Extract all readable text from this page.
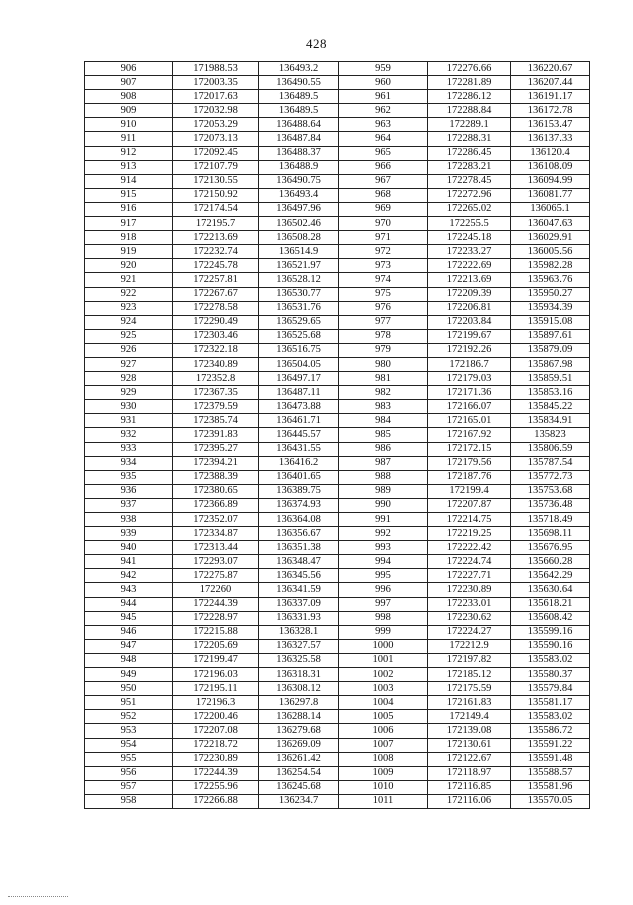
428
906	171988.53	136493.2	959	172276.66	136220.67
907	172003.35	136490.55	960	172281.89	136207.44
908	172017.63	136489.5	961	172286.12	136191.17
909	172032.98	136489.5	962	172288.84	136172.78
910	172053.29	136488.64	963	172289.1	136153.47
911	172073.13	136487.84	964	172288.31	136137.33
912	172092.45	136488.37	965	172286.45	136120.4
913	172107.79	136488.9	966	172283.21	136108.09
914	172130.55	136490.75	967	172278.45	136094.99
915	172150.92	136493.4	968	172272.96	136081.77
916	172174.54	136497.96	969	172265.02	136065.1
917	172195.7	136502.46	970	172255.5	136047.63
918	172213.69	136508.28	971	172245.18	136029.91
919	172232.74	136514.9	972	172233.27	136005.56
920	172245.78	136521.97	973	172222.69	135982.28
921	172257.81	136528.12	974	172213.69	135963.76
922	172267.67	136530.77	975	172209.39	135950.27
923	172278.58	136531.76	976	172206.81	135934.39
924	172290.49	136529.65	977	172203.84	135915.08
925	172303.46	136525.68	978	172199.67	135897.61
926	172322.18	136516.75	979	172192.26	135879.09
927	172340.89	136504.05	980	172186.7	135867.98
928	172352.8	136497.17	981	172179.03	135859.51
929	172367.35	136487.11	982	172171.36	135853.16
930	172379.59	136473.88	983	172166.07	135845.22
931	172385.74	136461.71	984	172165.01	135834.91
932	172391.83	136445.57	985	172167.92	135823
933	172395.27	136431.55	986	172172.15	135806.59
934	172394.21	136416.2	987	172179.56	135787.54
935	172388.39	136401.65	988	172187.76	135772.73
936	172380.65	136389.75	989	172199.4	135753.68
937	172366.89	136374.93	990	172207.87	135736.48
938	172352.07	136364.08	991	172214.75	135718.49
939	172334.87	136356.67	992	172219.25	135698.11
940	172313.44	136351.38	993	172222.42	135676.95
941	172293.07	136348.47	994	172224.74	135660.28
942	172275.87	136345.56	995	172227.71	135642.29
943	172260	136341.59	996	172230.89	135630.64
944	172244.39	136337.09	997	172233.01	135618.21
945	172228.97	136331.93	998	172230.62	135608.42
946	172215.88	136328.1	999	172224.27	135599.16
947	172205.69	136327.57	1000	172212.9	135590.16
948	172199.47	136325.58	1001	172197.82	135583.02
949	172196.03	136318.31	1002	172185.12	135580.37
950	172195.11	136308.12	1003	172175.59	135579.84
951	172196.3	136297.8	1004	172161.83	135581.17
952	172200.46	136288.14	1005	172149.4	135583.02
953	172207.08	136279.68	1006	172139.08	135586.72
954	172218.72	136269.09	1007	172130.61	135591.22
955	172230.89	136261.42	1008	172122.67	135591.48
956	172244.39	136254.54	1009	172118.97	135588.57
957	172255.96	136245.68	1010	172116.85	135581.96
958	172266.88	136234.7	1011	172116.06	135570.05
